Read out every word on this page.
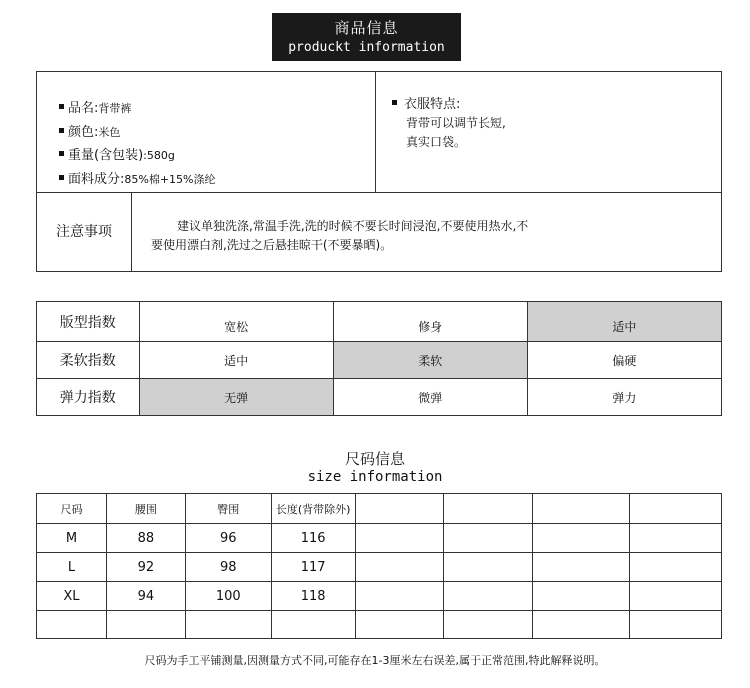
商品信息
produckt information
品名:背带裤
颜色:米色
重量(含包装):580g
面料成分:85%棉+15%涤纶
衣服特点:
背带可以调节长短,
真实口袋。
注意事项	建议单独洗涤,常温手洗,洗的时候不要长时间浸泡,不要使用热水,不要使用漂白剂,洗过之后悬挂晾干(不要暴晒)。
版型指数	宽松	修身	适中
柔软指数	适中	柔软	偏硬
弹力指数	无弹	微弹	弹力
尺码信息
size information
尺码	腰围	臀围	长度(背带除外)				
M	88	96	116				
L	92	98	117				
XL	94	100	118				

尺码为手工平铺测量,因测量方式不同,可能存在1-3厘米左右误差,属于正常范围,特此解释说明。
